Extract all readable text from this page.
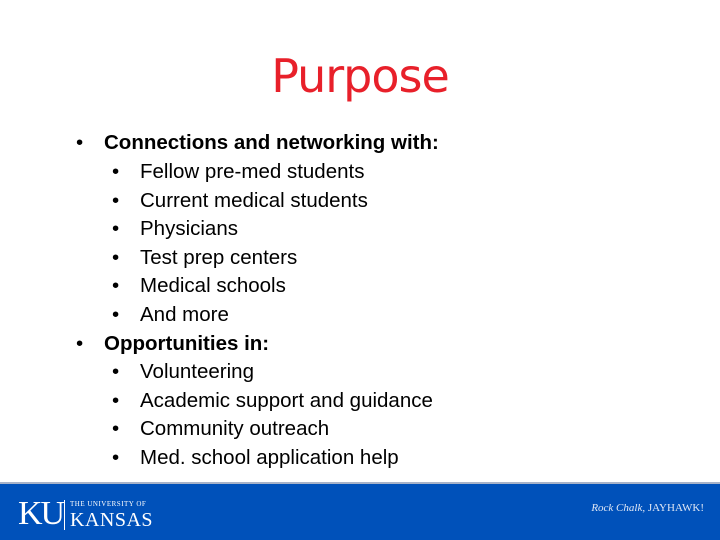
Purpose
• Connections and networking with:
• Fellow pre-med students
• Current medical students
• Physicians
• Test prep centers
• Medical schools
• And more
• Opportunities in:
• Volunteering
• Academic support and guidance
• Community outreach
• Med. school application help
KU THE UNIVERSITY OF
KANSAS
Rock Chalk, JAYHAWK!
